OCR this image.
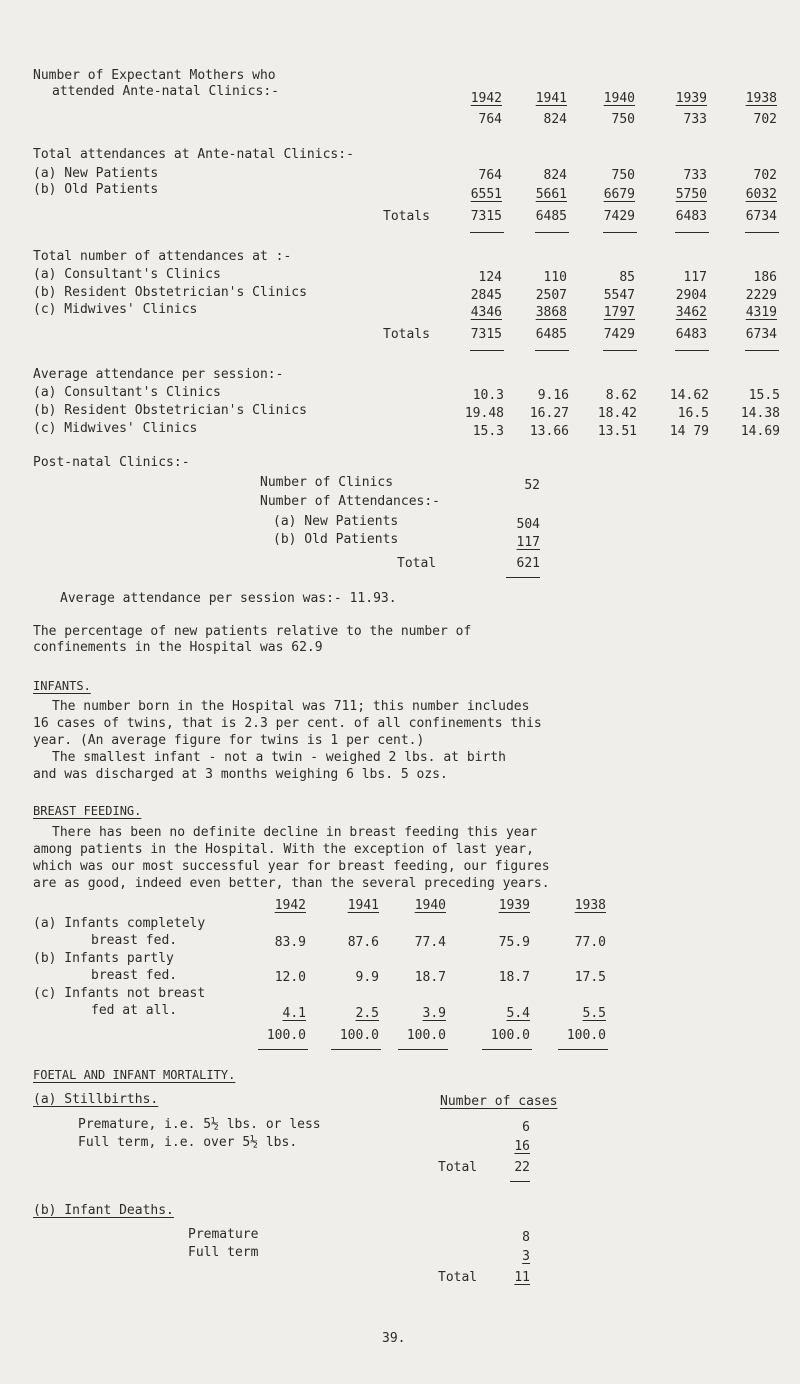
Number of Expectant Mothers who
attended Ante-natal Clinics:-	1942	1941	1940	1939	1938
764	824	750	733	702
Total attendances at Ante-natal Clinics:-
(a) New Patients	764	824	750	733	702
(b) Old Patients	6551	5661	6679	5750	6032
Totals	7315	6485	7429	6483	6734
Total number of attendances at :-
(a) Consultant's Clinics	124	110	85	117	186
(b) Resident Obstetrician's Clinics	2845	2507	5547	2904	2229
(c) Midwives' Clinics	4346	3868	1797	3462	4319
Totals	7315	6485	7429	6483	6734
Average attendance per session:-
(a) Consultant's Clinics	10.3	9.16	8.62	14.62	15.5
(b) Resident Obstetrician's Clinics	19.48	16.27	18.42	16.5	14.38
(c) Midwives' Clinics	15.3	13.66	13.51	14 79	14.69
Post-natal Clinics:-
Number of Clinics	52
Number of Attendances:-
(a) New Patients	504
(b) Old Patients	117
Total	621
Average attendance per session was:- 11.93.
The percentage of new patients relative to the number of
confinements in the Hospital was 62.9
INFANTS.
The number born in the Hospital was 711; this number includes
16 cases of twins, that is 2.3 per cent. of all confinements this
year. (An average figure for twins is 1 per cent.)
The smallest infant - not a twin - weighed 2 lbs. at birth
and was discharged at 3 months weighing 6 lbs. 5 ozs.
BREAST FEEDING.
There has been no definite decline in breast feeding this year
among patients in the Hospital. With the exception of last year,
which was our most successful year for breast feeding, our figures
are as good, indeed even better, than the several preceding years.
1942	1941	1940	1939	1938
(a) Infants completely
breast fed.	83.9	87.6	77.4	75.9	77.0
(b) Infants partly
breast fed.	12.0	9.9	18.7	18.7	17.5
(c) Infants not breast
fed at all.	4.1	2.5	3.9	5.4	5.5
100.0	100.0	100.0	100.0	100.0
FOETAL AND INFANT MORTALITY.
(a) Stillbirths.	Number of cases
Premature, i.e. 5½ lbs. or less	6
Full term, i.e. over 5½ lbs.	16
Total	22
(b) Infant Deaths.
Premature	8
Full term	3
Total	11
39.
